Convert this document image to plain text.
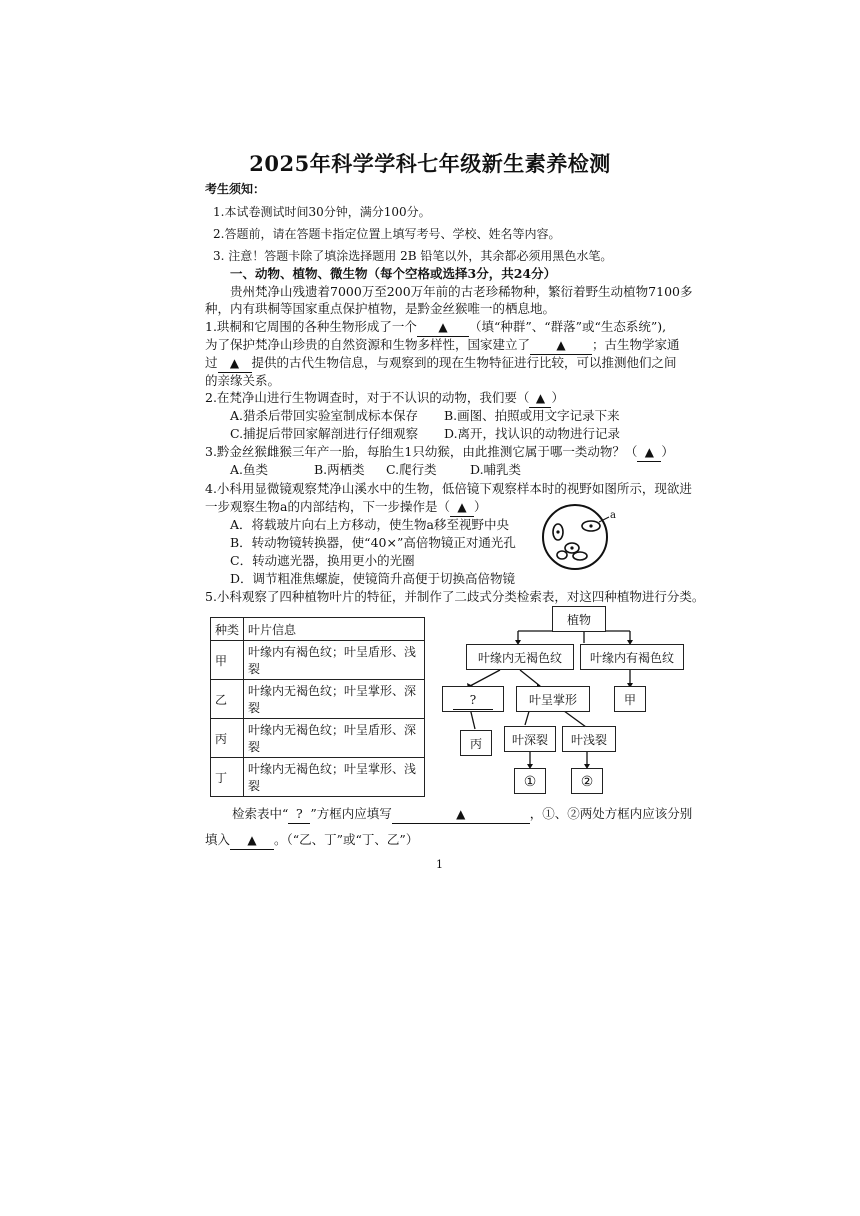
2025年科学学科七年级新生素养检测
考生须知：
1.本试卷测试时间30分钟，满分100分。
2.答题前，请在答题卡指定位置上填写考号、学校、姓名等内容。
3. 注意！答题卡除了填涂选择题用 2B 铅笔以外，其余都必须用黑色水笔。
一、动物、植物、微生物（每个空格或选择3分，共24分）
贵州梵净山残遗着7000万至200万年前的古老珍稀物种，繁衍着野生动植物7100多
种，内有珙桐等国家重点保护植物，是黔金丝猴唯一的栖息地。
1.珙桐和它周围的各种生物形成了一个 ▲ （填“种群”、“群落”或“生态系统”),
为了保护梵净山珍贵的自然资源和生物多样性，国家建立了 ▲ ；古生物学家通
过 ▲ 提供的古代生物信息，与观察到的现在生物特征进行比较，可以推测他们之间
的亲缘关系。
2.在梵净山进行生物调查时，对于不认识的动物，我们要（ ▲ ）
A.猎杀后带回实验室制成标本保存 B.画图、拍照或用文字记录下来
C.捕捉后带回家解剖进行仔细观察 D.离开，找认识的动物进行记录
3.黔金丝猴雌猴三年产一胎，每胎生1只幼猴，由此推测它属于哪一类动物？（ ▲ ）
A.鱼类	B.两栖类 C.爬行类	D.哺乳类
4.小科用显微镜观察梵净山溪水中的生物，低倍镜下观察样本时的视野如图所示，现欲进
一步观察生物a的内部结构，下一步操作是（ ▲ ）
A．将载玻片向右上方移动，使生物a移至视野中央
B．转动物镜转换器，使“40×”高倍物镜正对通光孔
C．转动遮光器，换用更小的光圈
D．调节粗准焦螺旋，使镜筒升高便于切换高倍物镜
a
5.小科观察了四种植物叶片的特征，并制作了二歧式分类检索表，对这四种植物进行分类。
种类	叶片信息
甲	叶缘内有褐色纹；叶呈盾形、浅裂
乙	叶缘内无褐色纹；叶呈掌形、深裂
丙	叶缘内无褐色纹；叶呈盾形、深裂
丁	叶缘内无褐色纹；叶呈掌形、浅裂
植物
叶缘内无褐色纹	叶缘内有褐色纹
?	叶呈掌形	甲
丙	叶深裂	叶浅裂
①	②
检索表中“ ? ”方框内应填写	▲	，①、②两处方框内应该分别
填入 ▲ 。（“乙、丁”或“丁、乙”）
1
